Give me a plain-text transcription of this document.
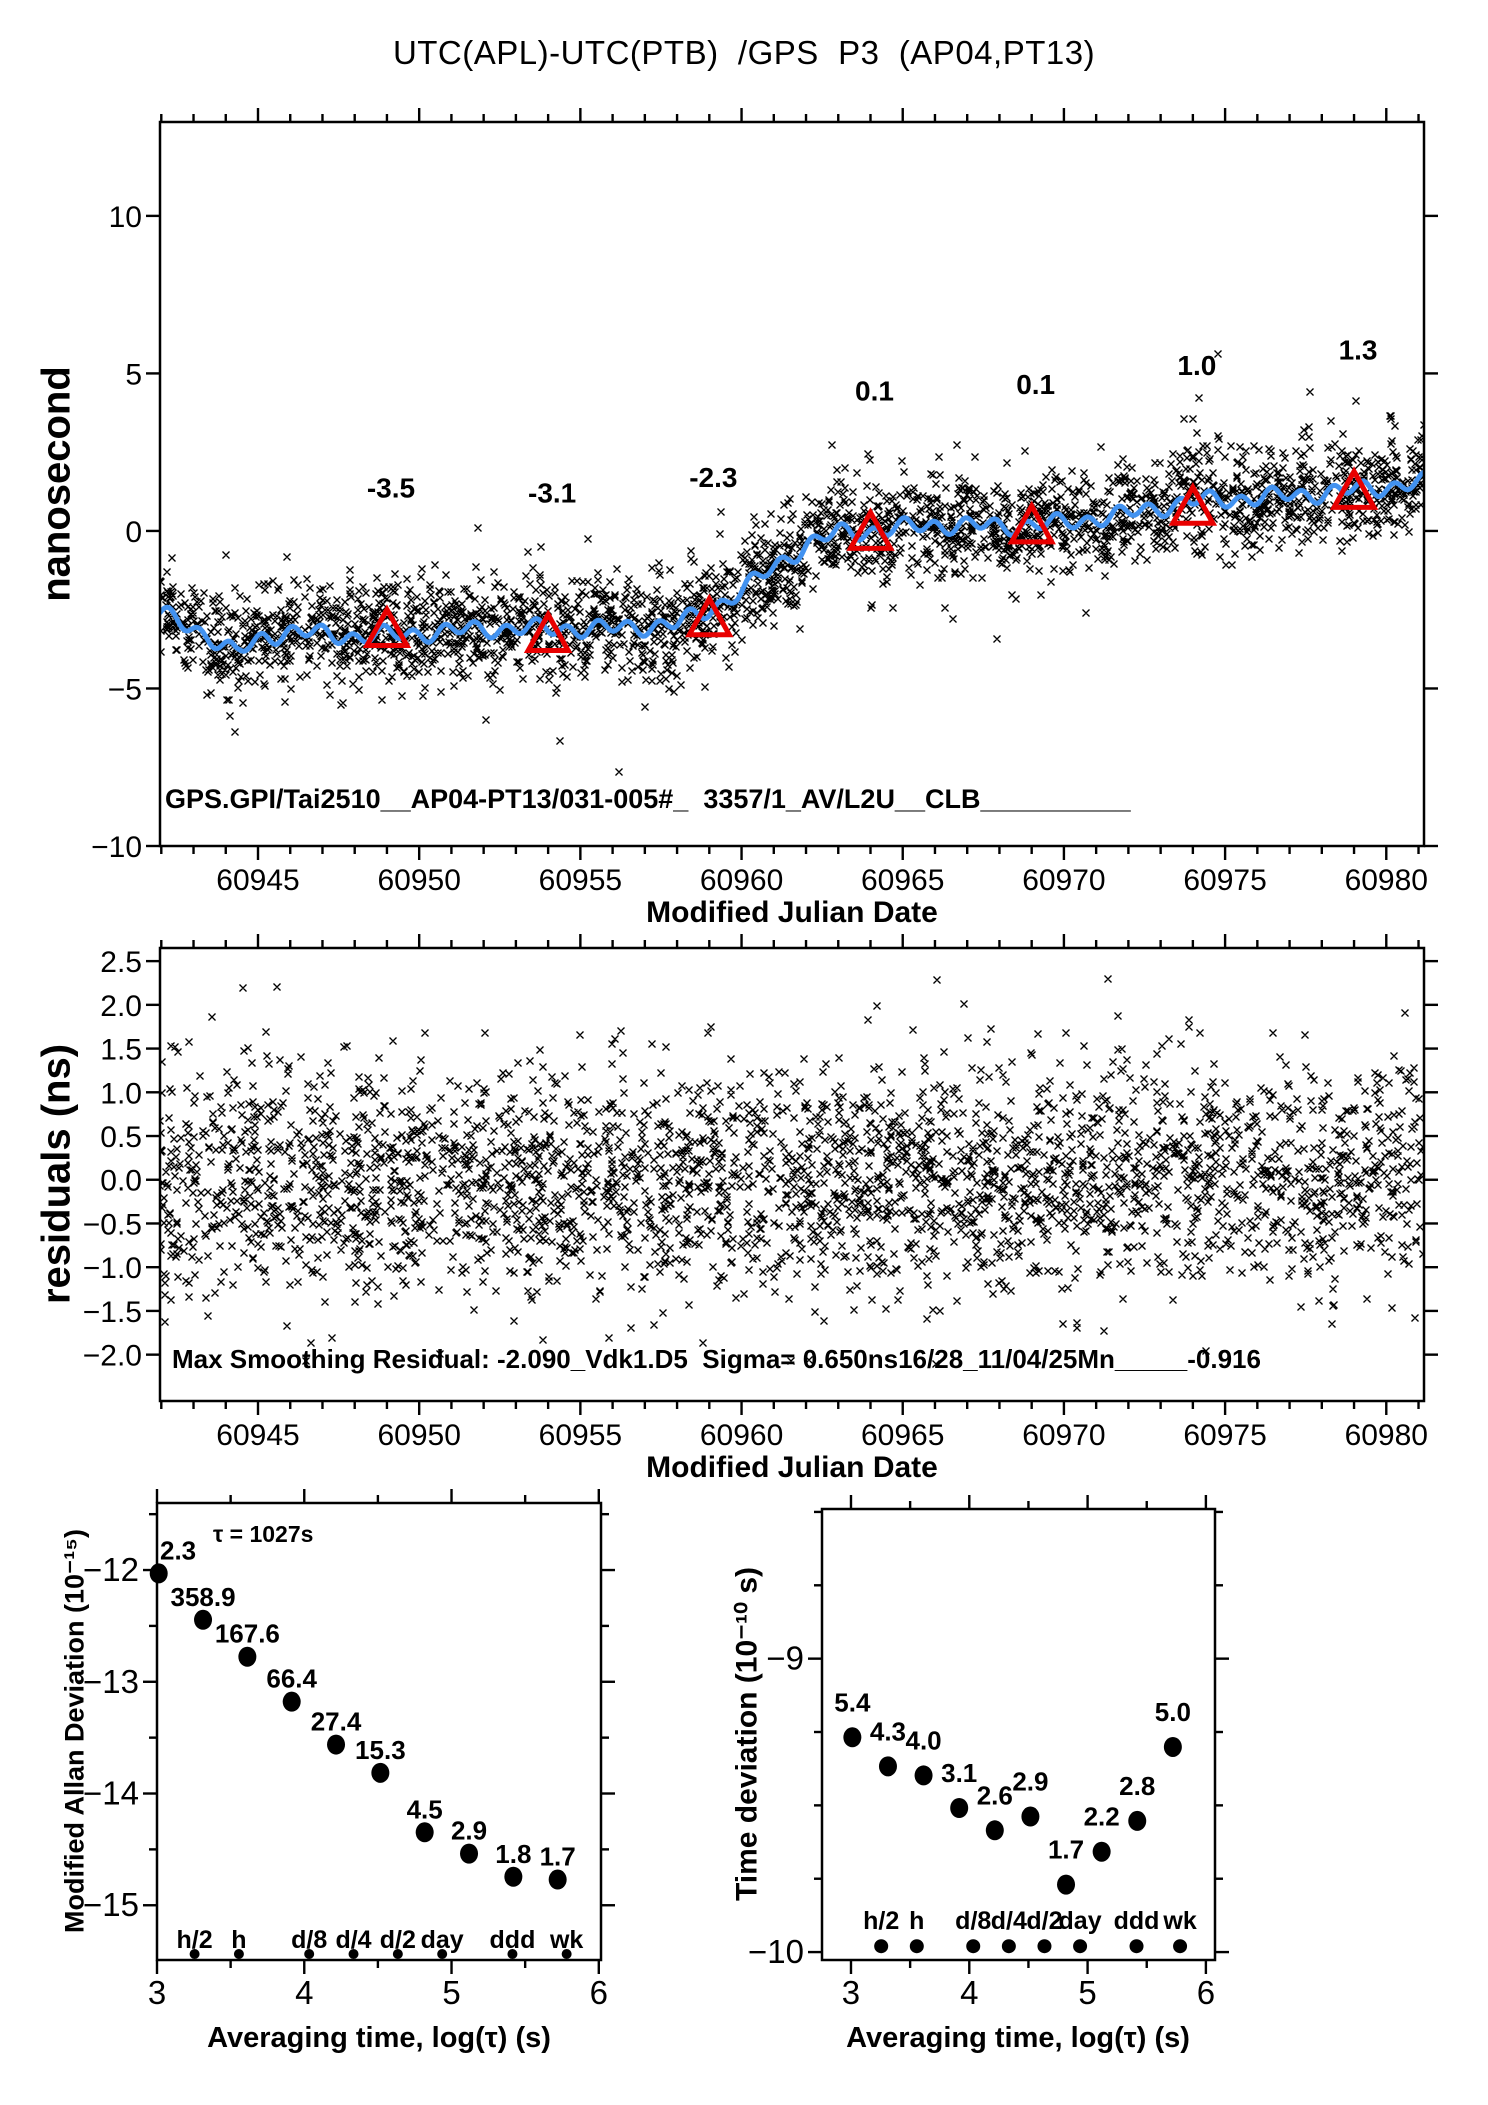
-3.5	-3.1
-2.3
0.1	0.1
1.0
1.3
60945	60950	60955	60960	60965	60970	60975	60980
−10
−5
0
5
10
60945	60950	60955	60960	60965	60970	60975	60980
−2.0
−1.5
−1.0
−0.5
0.0
0.5
1.0
1.5
2.0
2.5
2.3
358.9
167.6
66.4
27.4
15.3
4.5
2.9
1.8 1.7
h/2 h d/8 d/4 d/2 day ddd wk
3	4	5	6
−12
−13
−14
−15
5.4
4.3 4.0
3.1
2.6 2.9
1.7
2.2
2.8
5.0
h/2 h d/8 d/4 d/2
day ddd wk
3	4	5	6
−9
−10
UTC(APL)-UTC(PTB)  /GPS  P3  (AP04,PT13)
nanosecond
residuals (ns)
Modified Allan Deviation (10⁻¹⁵)	Time deviation (10⁻¹⁰ s)
Modified Julian Date
Modified Julian Date
Averaging time, log(τ) (s)	Averaging time, log(τ) (s)
GPS.GPI/Tai2510__AP04-PT13/031-005#_  3357/1_AV/L2U__CLB__________
Max Smoothing Residual: -2.090_Vdk1.D5  Sigma= 0.650ns16/28_11/04/25Mn_____-0.916
τ = 1027s
